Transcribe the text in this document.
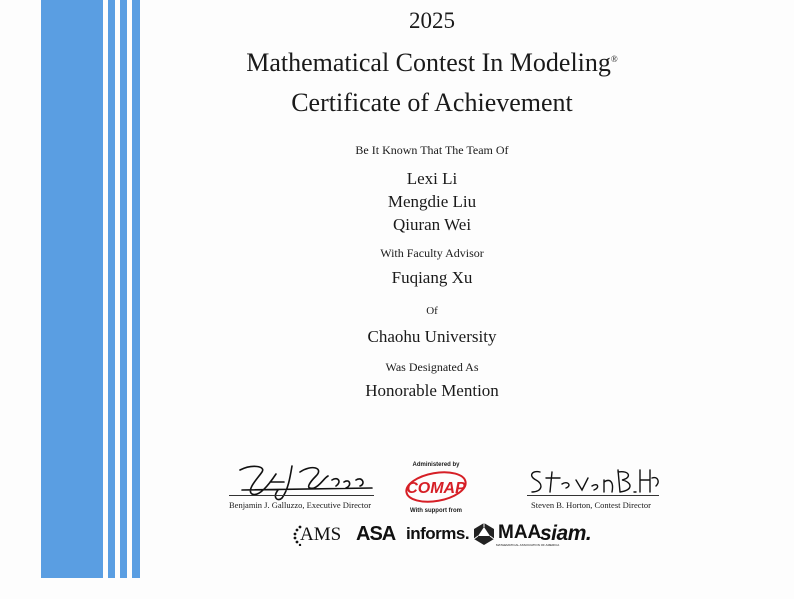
2025
Mathematical Contest In Modeling®
Certificate of Achievement
Be It Known That The Team Of
Lexi Li
Mengdie Liu
Qiuran Wei
With Faculty Advisor
Fuqiang Xu
Of
Chaohu University
Was Designated As
Honorable Mention
Benjamin J. Galluzzo, Executive Director	Steven B. Horton, Contest Director
Administered by
COMAP
With support from
AMS ASA informs. MAA
MATHEMATICAL ASSOCIATION OF AMERICA
siam.
